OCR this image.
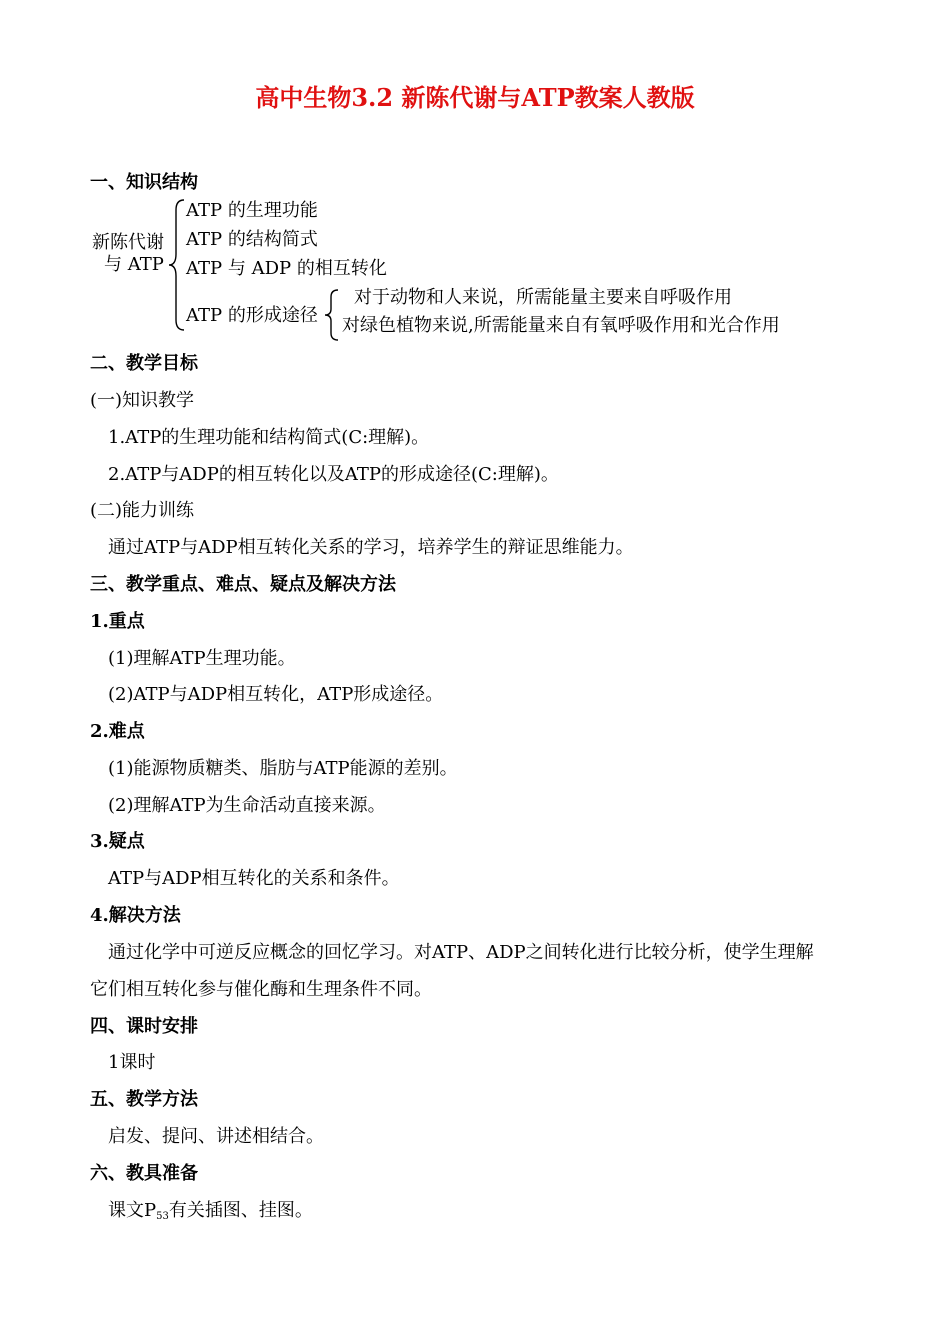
高中生物3.2 新陈代谢与ATP教案人教版
一、知识结构
新陈代谢
与 ATP
ATP 的生理功能
ATP 的结构简式
ATP 与 ADP 的相互转化
ATP 的形成途径
对于动物和人来说，所需能量主要来自呼吸作用
对绿色植物来说,所需能量来自有氧呼吸作用和光合作用
二、教学目标
(一)知识教学
1.ATP的生理功能和结构简式(C:理解)。
2.ATP与ADP的相互转化以及ATP的形成途径(C:理解)。
(二)能力训练
通过ATP与ADP相互转化关系的学习，培养学生的辩证思维能力。
三、教学重点、难点、疑点及解决方法
1.重点
(1)理解ATP生理功能。
(2)ATP与ADP相互转化，ATP形成途径。
2.难点
(1)能源物质糖类、脂肪与ATP能源的差别。
(2)理解ATP为生命活动直接来源。
3.疑点
ATP与ADP相互转化的关系和条件。
4.解决方法
通过化学中可逆反应概念的回忆学习。对ATP、ADP之间转化进行比较分析，使学生理解
它们相互转化参与催化酶和生理条件不同。
四、课时安排
1课时
五、教学方法
启发、提问、讲述相结合。
六、教具准备
课文$P_{53}$有关插图、挂图。
